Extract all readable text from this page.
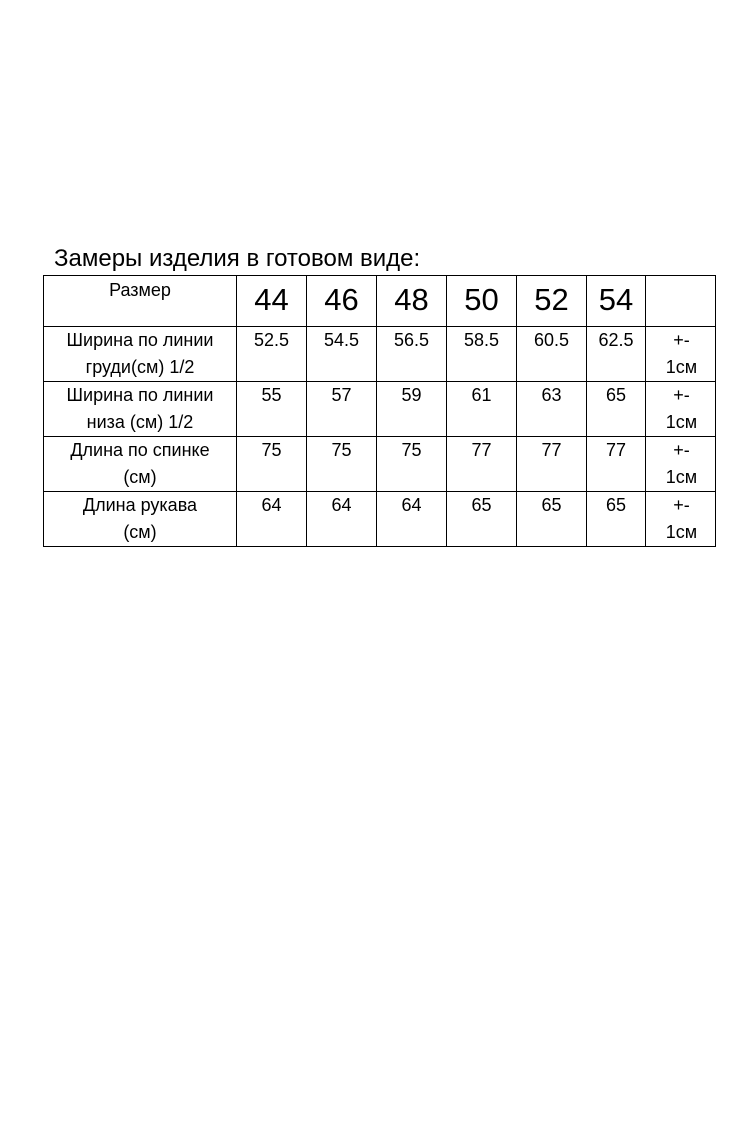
Замеры изделия в готовом виде:
Размер	44	46	48	50	52	54	

Ширина по линии
груди(см) 1/2	52.5	54.5	56.5	58.5	60.5	62.5	+-
1см

Ширина по линии
низа (см) 1/2	55	57	59	61	63	65	+-
1см

Длина по спинке
(см)	75	75	75	77	77	77	+-
1см

Длина рукава
(см)	64	64	64	65	65	65	+-
1см
